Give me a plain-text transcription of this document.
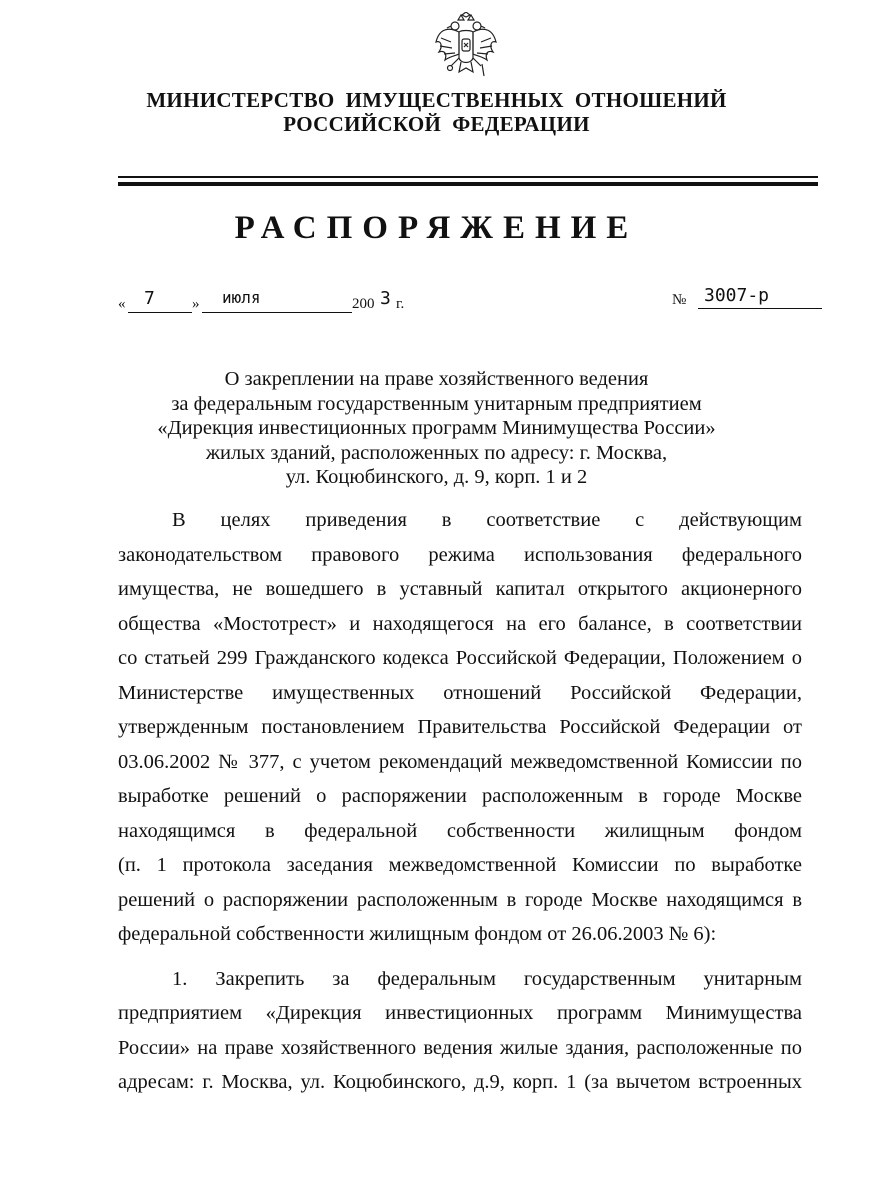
МИНИСТЕРСТВО  ИМУЩЕСТВЕННЫХ  ОТНОШЕНИЙ
РОССИЙСКОЙ  ФЕДЕРАЦИИ
РАСПОРЯЖЕНИЕ
« 7 » июля	200 3 г.	№ 3007-р
О закреплении на праве хозяйственного ведения
за федеральным государственным унитарным предприятием
«Дирекция инвестиционных программ Минимущества России»
жилых зданий, расположенных по адресу: г. Москва,
ул. Коцюбинского, д. 9, корп. 1 и 2
В целях приведения в соответствие с действующим
законодательством правового режима использования федерального
имущества, не вошедшего в уставный капитал открытого акционерного
общества «Мостотрест» и находящегося на его балансе, в соответствии
со статьей 299 Гражданского кодекса Российской Федерации, Положением о
Министерстве имущественных отношений Российской Федерации,
утвержденным постановлением Правительства Российской Федерации от
03.06.2002 № 377, с учетом рекомендаций межведомственной Комиссии по
выработке решений о распоряжении расположенным в городе Москве
находящимся в федеральной собственности жилищным фондом
(п. 1 протокола заседания межведомственной Комиссии по выработке
решений о распоряжении расположенным в городе Москве находящимся в
федеральной собственности жилищным фондом от 26.06.2003 № 6):
1. Закрепить за федеральным государственным унитарным
предприятием «Дирекция инвестиционных программ Минимущества
России» на праве хозяйственного ведения жилые здания, расположенные по
адресам: г. Москва, ул. Коцюбинского, д.9, корп. 1 (за вычетом встроенных
